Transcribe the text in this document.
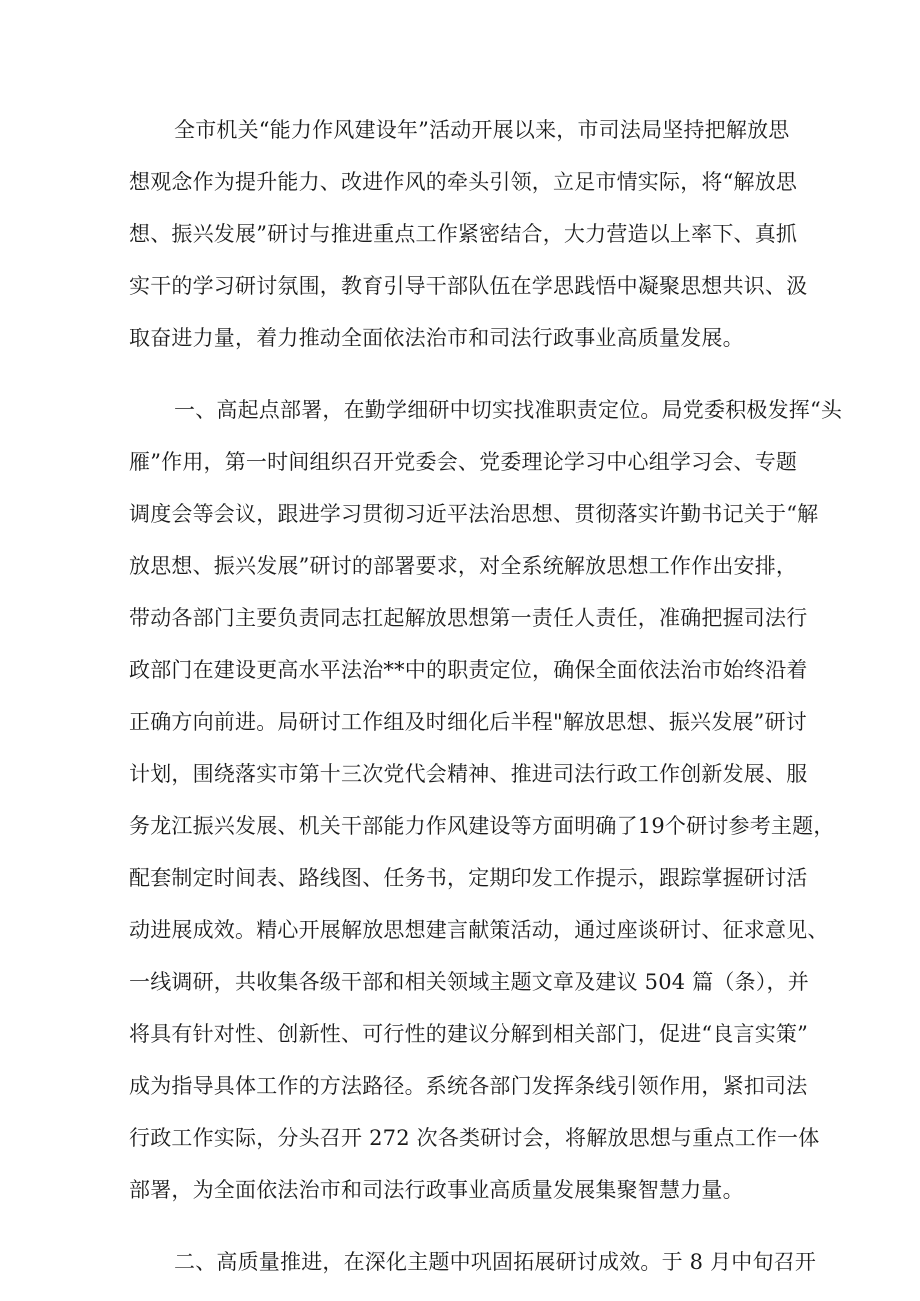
全市机关“能力作风建设年”活动开展以来，市司法局坚持把解放思
想观念作为提升能力、改进作风的牵头引领，立足市情实际，将“解放思
想、振兴发展”研讨与推进重点工作紧密结合，大力营造以上率下、真抓
实干的学习研讨氛围，教育引导干部队伍在学思践悟中凝聚思想共识、汲
取奋进力量，着力推动全面依法治市和司法行政事业高质量发展。
一、高起点部署，在勤学细研中切实找准职责定位。局党委积极发挥“头
雁”作用，第一时间组织召开党委会、党委理论学习中心组学习会、专题
调度会等会议，跟进学习贯彻习近平法治思想、贯彻落实许勤书记关于“解
放思想、振兴发展”研讨的部署要求，对全系统解放思想工作作出安排，
带动各部门主要负责同志扛起解放思想第一责任人责任，准确把握司法行
政部门在建设更高水平法治**中的职责定位，确保全面依法治市始终沿着
正确方向前进。局研讨工作组及时细化后半程"解放思想、振兴发展”研讨
计划，围绕落实市第十三次党代会精神、推进司法行政工作创新发展、服
务龙江振兴发展、机关干部能力作风建设等方面明确了19个研讨参考主题，
配套制定时间表、路线图、任务书，定期印发工作提示，跟踪掌握研讨活
动进展成效。精心开展解放思想建言献策活动，通过座谈研讨、征求意见、
一线调研，共收集各级干部和相关领域主题文章及建议 504 篇（条），并
将具有针对性、创新性、可行性的建议分解到相关部门，促进“良言实策”
成为指导具体工作的方法路径。系统各部门发挥条线引领作用，紧扣司法
行政工作实际，分头召开 272 次各类研讨会，将解放思想与重点工作一体
部署，为全面依法治市和司法行政事业高质量发展集聚智慧力量。
二、高质量推进，在深化主题中巩固拓展研讨成效。于 8 月中旬召开
